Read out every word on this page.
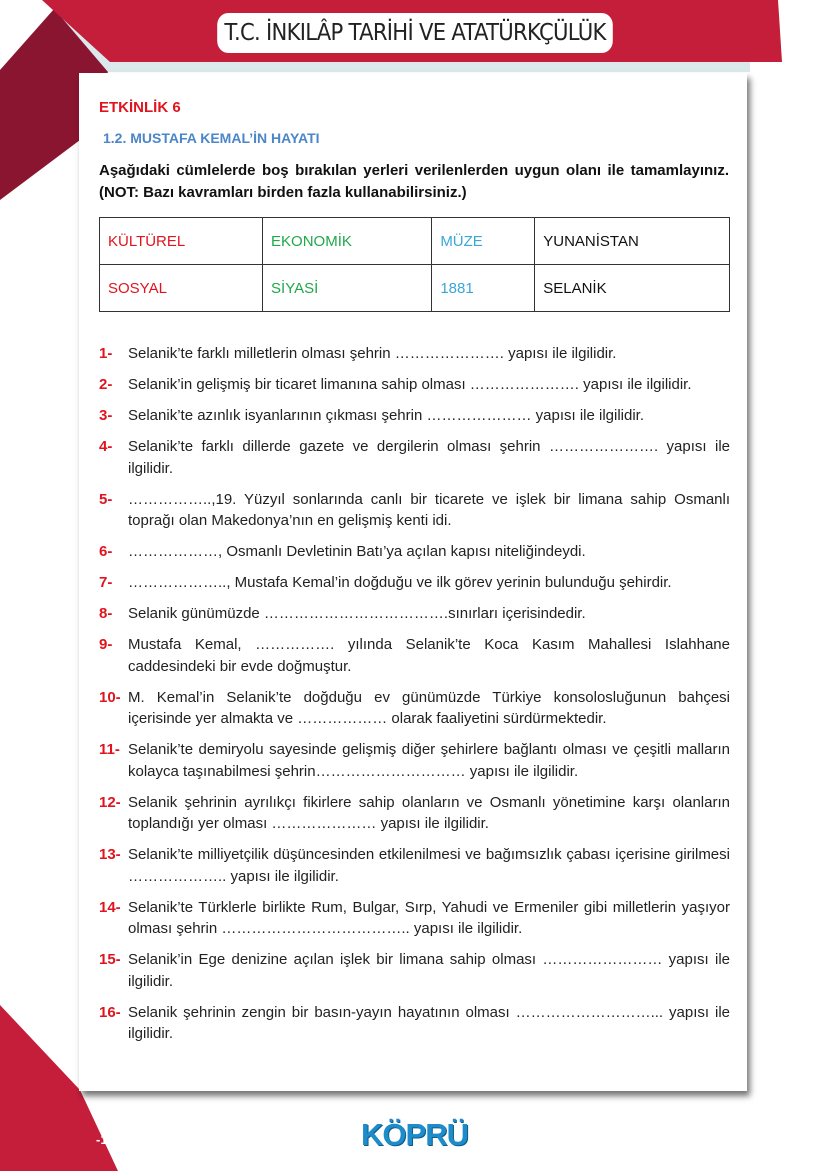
T.C. İNKILÂP TARİHİ VE ATATÜRKÇÜLÜK
ETKİNLİK 6
1.2. MUSTAFA KEMAL’İN HAYATI
Aşağıdaki cümlelerde boş bırakılan yerleri verilenlerden uygun olanı ile tamamlayınız. (NOT: Bazı kavramları birden fazla kullanabilirsiniz.)
KÜLTÜREL	EKONOMİK	MÜZE	YUNANİSTAN
SOSYAL	SİYASİ	1881	SELANİK
1-	Selanik’te farklı milletlerin olması şehrin …………………. yapısı ile ilgilidir.
2-	Selanik’in gelişmiş bir ticaret limanına sahip olması …………………. yapısı ile ilgilidir.
3-	Selanik’te azınlık isyanlarının çıkması şehrin ………………… yapısı ile ilgilidir.
4-	Selanik’te farklı dillerde gazete ve dergilerin olması şehrin …………………. yapısı ile ilgilidir.
5-	……………..,19. Yüzyıl sonlarında canlı bir ticarete ve işlek bir limana sahip Osmanlı toprağı olan Makedonya’nın en gelişmiş kenti idi.
6-	………………, Osmanlı Devletinin Batı’ya açılan kapısı niteliğindeydi.
7-	……………….., Mustafa Kemal’in doğduğu ve ilk görev yerinin bulunduğu şehirdir.
8-	Selanik günümüzde ……………………………….sınırları içerisindedir.
9-	Mustafa Kemal, ……………. yılında Selanik’te Koca Kasım Mahallesi Islahhane caddesindeki bir evde doğmuştur.
10- M. Kemal’in Selanik’te doğduğu ev günümüzde Türkiye konsolosluğunun bahçesi içerisinde yer almakta ve ……………… olarak faaliyetini sürdürmektedir.
11- Selanik’te demiryolu sayesinde gelişmiş diğer şehirlere bağlantı olması ve çeşitli malların kolayca taşınabilmesi şehrin………………………… yapısı ile ilgilidir.
12- Selanik şehrinin ayrılıkçı fikirlere sahip olanların ve Osmanlı yönetimine karşı olanların toplandığı yer olması ………………… yapısı ile ilgilidir.
13- Selanik’te milliyetçilik düşüncesinden etkilenilmesi ve bağımsızlık çabası içerisine girilmesi ……………….. yapısı ile ilgilidir.
14- Selanik’te Türklerle birlikte Rum, Bulgar, Sırp, Yahudi ve Ermeniler gibi milletlerin yaşıyor olması şehrin ……………………………….. yapısı ile ilgilidir.
15- Selanik’in Ege denizine açılan işlek bir limana sahip olması …………………… yapısı ile ilgilidir.
16- Selanik şehrinin zengin bir basın-yayın hayatının olması ………………………... yapısı ile ilgilidir.
-10-	KÖPRÜ
